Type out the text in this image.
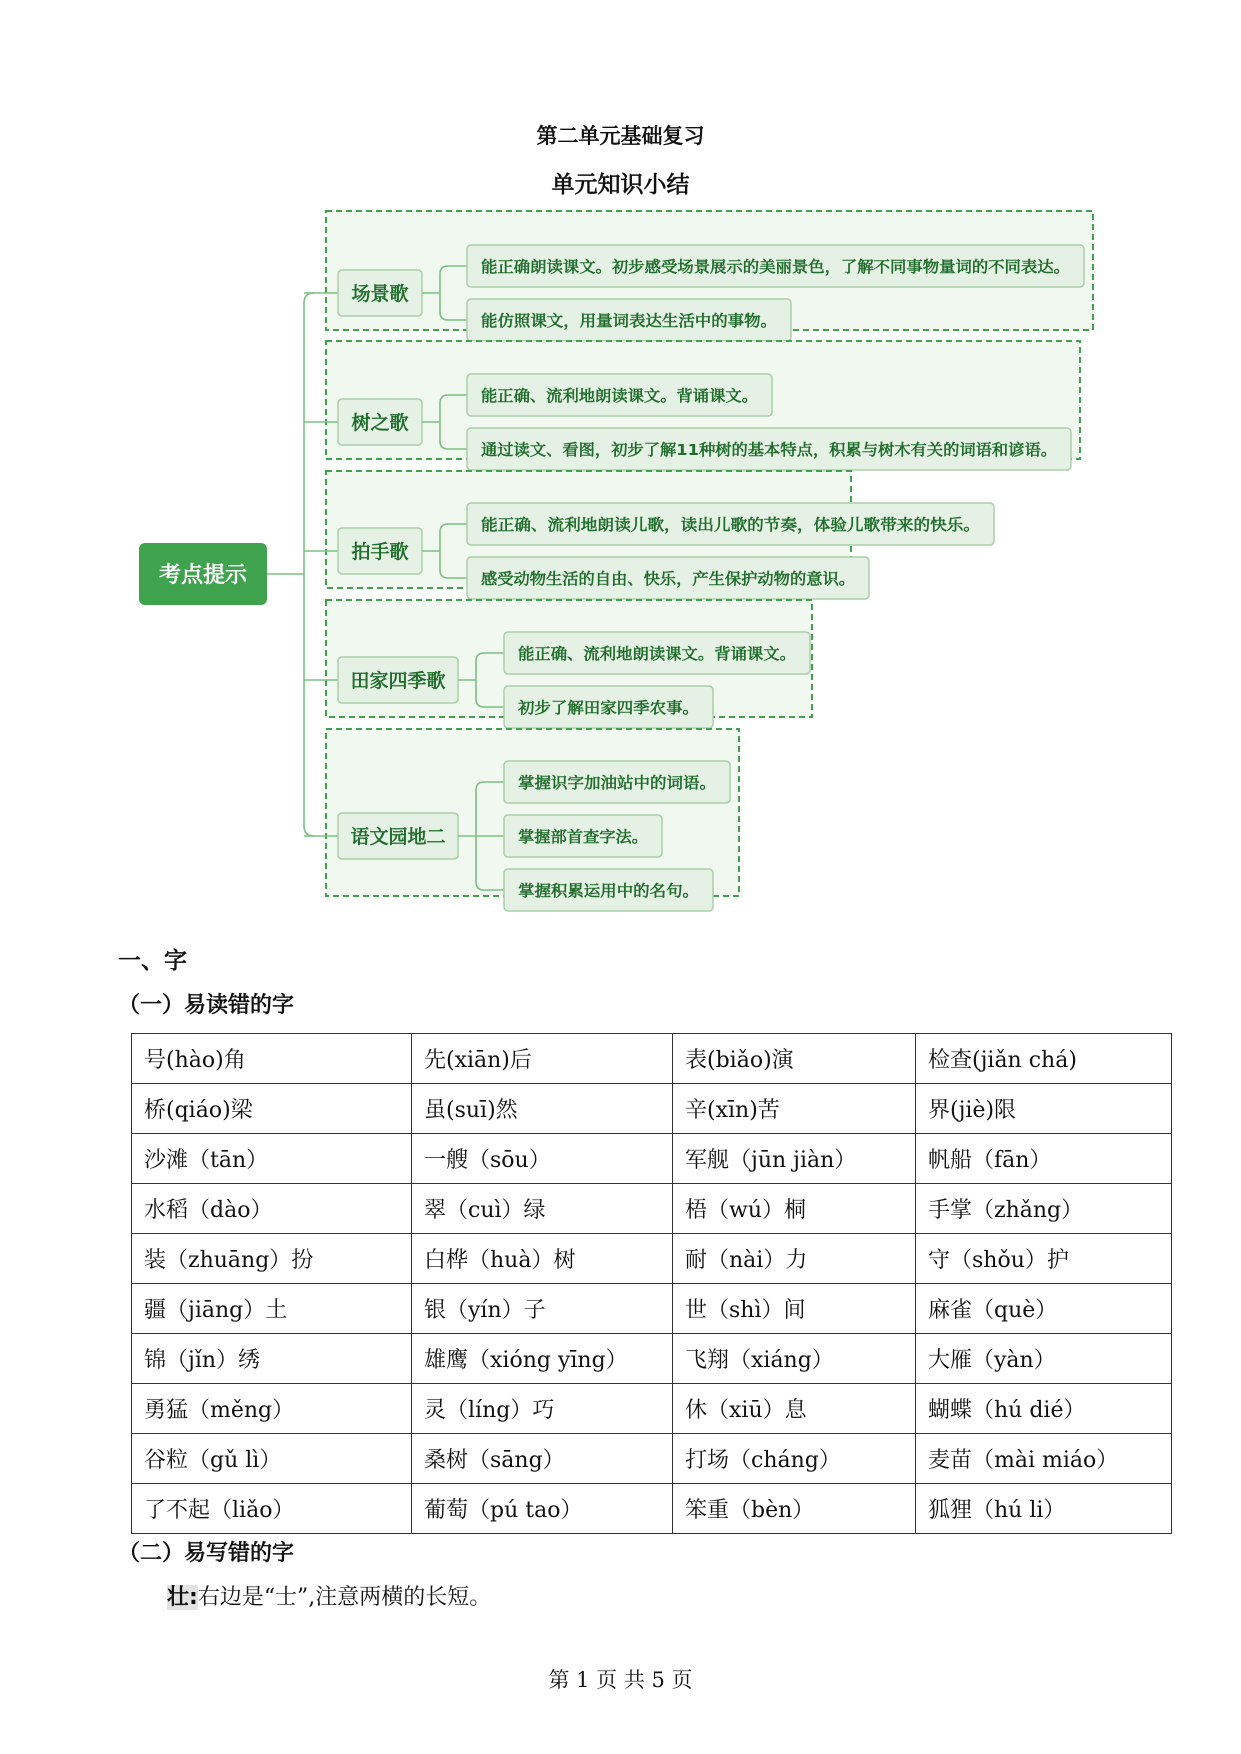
第二单元基础复习
单元知识小结
考点提示
场景歌
能正确朗读课文。初步感受场景展示的美丽景色，了解不同事物量词的不同表达。
能仿照课文，用量词表达生活中的事物。
树之歌
能正确、流利地朗读课文。背诵课文。
通过读文、看图，初步了解11种树的基本特点，积累与树木有关的词语和谚语。
拍手歌
能正确、流利地朗读儿歌，读出儿歌的节奏，体验儿歌带来的快乐。
感受动物生活的自由、快乐，产生保护动物的意识。
田家四季歌
能正确、流利地朗读课文。背诵课文。
初步了解田家四季农事。
语文园地二
掌握识字加油站中的词语。
掌握部首查字法。
掌握积累运用中的名句。
一、字
（一）易读错的字
号(hào)角	先(xiān)后	表(biǎo)演	检查(jiǎn chá)
桥(qiáo)梁	虽(suī)然	辛(xīn)苦	界(jiè)限
沙滩（tān）	一艘（sōu）	军舰（jūn jiàn）	帆船（fān）
水稻（dào）	翠（cuì）绿	梧（wú）桐	手掌（zhǎng）
装（zhuāng）扮	白桦（huà）树	耐（nài）力	守（shǒu）护
疆（jiāng）土	银（yín）子	世（shì）间	麻雀（què）
锦（jǐn）绣	雄鹰（xióng yīng）	飞翔（xiáng）	大雁（yàn）
勇猛（měng）	灵（líng）巧	休（xiū）息	蝴蝶（hú dié）
谷粒（gǔ lì）	桑树（sāng）	打场（cháng）	麦苗（mài miáo）
了不起（liǎo）	葡萄（pú tao）	笨重（bèn）	狐狸（hú li）
（二）易写错的字
壮:右边是“士”,注意两横的长短。
第 1 页 共 5 页
